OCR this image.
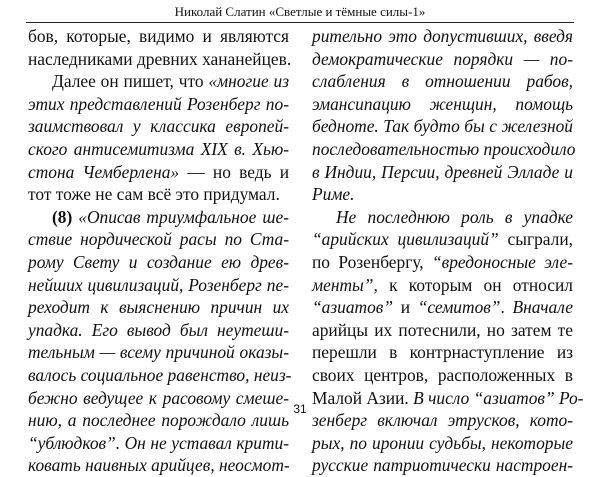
Николай Слатин «Светлые и тёмные силы-1»
бов, которые, видимо и являются
наследниками древних хананейцев.
Далее он пишет, что «многие из
этих представлений Розенберг по-
заимствовал у классика европей-
ского антисемитизма XIX в. Хью-
стона Чемберлена» — но ведь и
тот тоже не сам всё это придумал.
(8) «Описав триумфальное ше-
ствие нордической расы по Ста-
рому Свету и создание ею древ-
нейших цивилизаций, Розенберг пе-
реходит к выяснению причин их
упадка. Его вывод был неутеши-
тельным — всему причиной оказы-
валось социальное равенство, неиз-
бежно ведущее к расовому смеше-
нию, а последнее порождало лишь
“ублюдков”. Он не уставал крити-
ковать наивных арийцев, неосмот-
рительно это допустивших, введя
демократические порядки — по-
слабления в отношении рабов,
эмансипацию женщин, помощь
бедноте. Так будто бы с железной
последовательностью происходило
в Индии, Персии, древней Элладе и
Риме.
Не последнюю роль в упадке
“арийских цивилизаций” сыграли,
по Розенбергу, “вредоносные эле-
менты”, к которым он относил
“азиатов” и “семитов”. Вначале
арийцы их потеснили, но затем те
перешли в контрнаступление из
своих центров, расположенных в
Малой Азии. В число “азиатов” Ро-
зенберг включал этрусков, кото-
рых, по иронии судьбы, некоторые
русские патриотически настроен-
31
